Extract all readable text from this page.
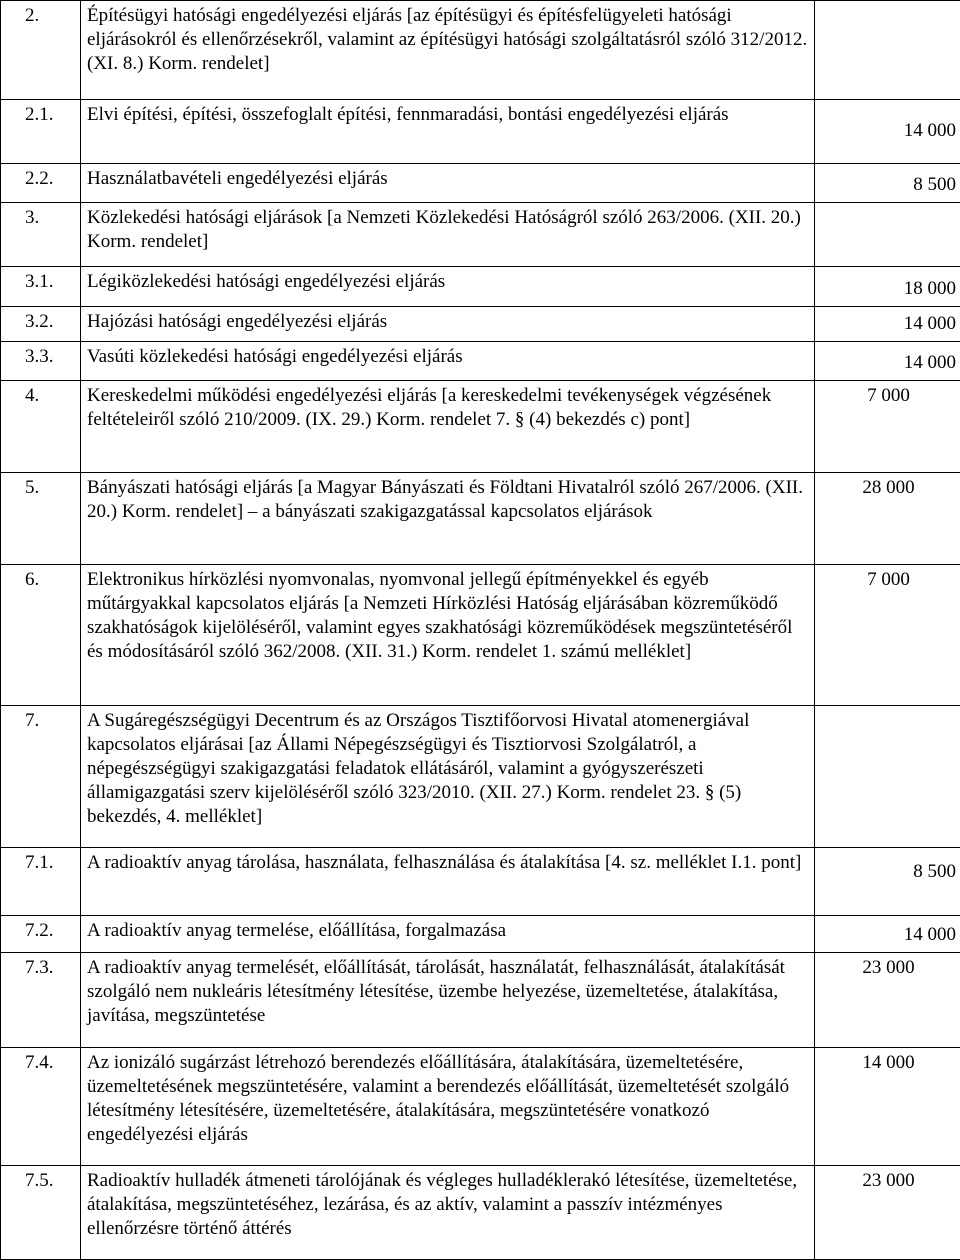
2.	Építésügyi hatósági engedélyezési eljárás [az építésügyi és építésfelügyeleti hatósági eljárásokról és ellenőrzésekről, valamint az építésügyi hatósági szolgáltatásról szóló 312/2012. (XI. 8.) Korm. rendelet]	
2.1.	Elvi építési, építési, összefoglalt építési, fennmaradási, bontási engedélyezési eljárás	14 000
2.2.	Használatbavételi engedélyezési eljárás	8 500
3.	Közlekedési hatósági eljárások [a Nemzeti Közlekedési Hatóságról szóló 263/2006. (XII. 20.) Korm. rendelet]	
3.1.	Légiközlekedési hatósági engedélyezési eljárás	18 000
3.2.	Hajózási hatósági engedélyezési eljárás	14 000
3.3.	Vasúti közlekedési hatósági engedélyezési eljárás	14 000
4.	Kereskedelmi működési engedélyezési eljárás [a kereskedelmi tevékenységek végzésének feltételeiről szóló 210/2009. (IX. 29.) Korm. rendelet 7. § (4) bekezdés c) pont]	7 000
5.	Bányászati hatósági eljárás [a Magyar Bányászati és Földtani Hivatalról szóló 267/2006. (XII. 20.) Korm. rendelet] – a bányászati szakigazgatással kapcsolatos eljárások	28 000
6.	Elektronikus hírközlési nyomvonalas, nyomvonal jellegű építményekkel és egyéb műtárgyakkal kapcsolatos eljárás [a Nemzeti Hírközlési Hatóság eljárásában közreműködő szakhatóságok kijelöléséről, valamint egyes szakhatósági közreműködések megszüntetéséről és módosításáról szóló 362/2008. (XII. 31.) Korm. rendelet 1. számú melléklet]	7 000
7.	A Sugáregészségügyi Decentrum és az Országos Tisztifőorvosi Hivatal atomenergiával kapcsolatos eljárásai [az Állami Népegészségügyi és Tisztiorvosi Szolgálatról, a népegészségügyi szakigazgatási feladatok ellátásáról, valamint a gyógyszerészeti államigazgatási szerv kijelöléséről szóló 323/2010. (XII. 27.) Korm. rendelet 23. § (5) bekezdés, 4. melléklet]	
7.1.	A radioaktív anyag tárolása, használata, felhasználása és átalakítása [4. sz. melléklet I.1. pont]	8 500
7.2.	A radioaktív anyag termelése, előállítása, forgalmazása	14 000
7.3.	A radioaktív anyag termelését, előállítását, tárolását, használatát, felhasználását, átalakítását szolgáló nem nukleáris létesítmény létesítése, üzembe helyezése, üzemeltetése, átalakítása, javítása, megszüntetése	23 000
7.4.	Az ionizáló sugárzást létrehozó berendezés előállítására, átalakítására, üzemeltetésére, üzemeltetésének megszüntetésére, valamint a berendezés előállítását, üzemeltetését szolgáló létesítmény létesítésére, üzemeltetésére, átalakítására, megszüntetésére vonatkozó engedélyezési eljárás	14 000
7.5.	Radioaktív hulladék átmeneti tárolójának és végleges hulladéklerakó létesítése, üzemeltetése, átalakítása, megszüntetéséhez, lezárása, és az aktív, valamint a passzív intézményes ellenőrzésre történő áttérés	23 000
